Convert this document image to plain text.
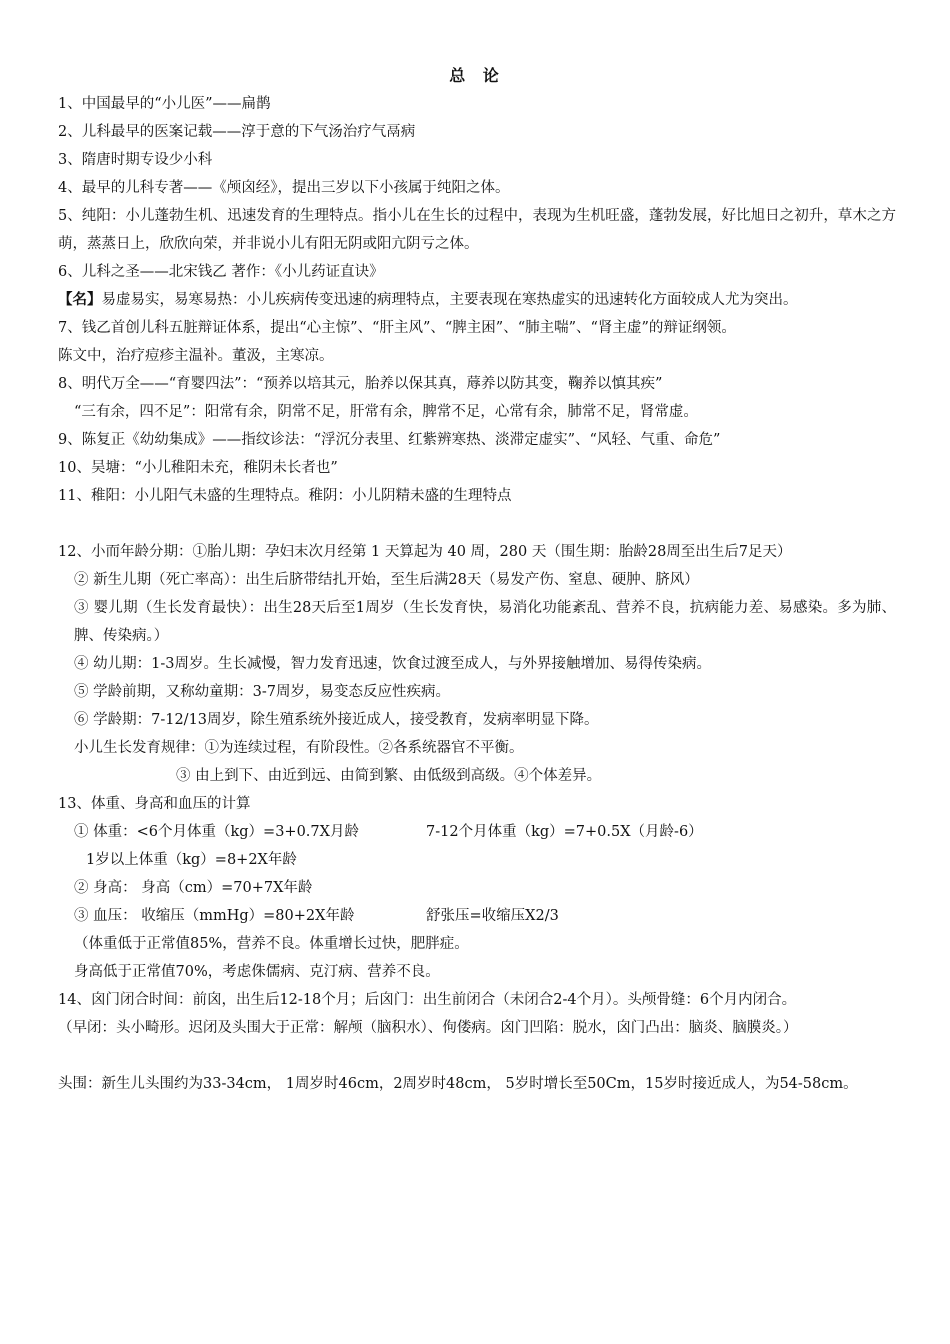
总 论
1、中国最早的“小儿医”——扁鹊
2、儿科最早的医案记载——淳于意的下气汤治疗气鬲病
3、隋唐时期专设少小科
4、最早的儿科专著——《颅囟经》，提出三岁以下小孩属于纯阳之体。
5、纯阳：小儿蓬勃生机、迅速发育的生理特点。指小儿在生长的过程中，表现为生机旺盛，蓬勃发展，好比旭日之初升，草木之方萌，蒸蒸日上，欣欣向荣，并非说小儿有阳无阴或阳亢阴亏之体。
6、儿科之圣——北宋钱乙 著作：《小儿药证直诀》
【名】易虚易实，易寒易热：小儿疾病传变迅速的病理特点，主要表现在寒热虚实的迅速转化方面较成人尤为突出。
7、钱乙首创儿科五脏辩证体系，提出“心主惊”、“肝主风”、“脾主困”、“肺主喘”、“肾主虚”的辩证纲领。
陈文中，治疗痘疹主温补。董汲，主寒凉。
8、明代万全——“育婴四法”：“预养以培其元，胎养以保其真，蓐养以防其变，鞠养以慎其疾”
“三有余，四不足”：阳常有余，阴常不足，肝常有余，脾常不足，心常有余，肺常不足，肾常虚。
9、陈复正《幼幼集成》——指纹诊法：“浮沉分表里、红紫辨寒热、淡滞定虚实”、“风轻、气重、命危”
10、吴塘：“小儿稚阳未充，稚阴未长者也”
11、稚阳：小儿阳气未盛的生理特点。稚阴：小儿阴精未盛的生理特点
12、小而年龄分期：①胎儿期：孕妇末次月经第 1 天算起为 40 周，280 天（围生期：胎龄28周至出生后7足天）
② 新生儿期（死亡率高）：出生后脐带结扎开始，至生后满28天（易发产伤、窒息、硬肿、脐风）
③ 婴儿期（生长发育最快）：出生28天后至1周岁（生长发育快，易消化功能紊乱、营养不良，抗病能力差、易感染。多为肺、脾、传染病。）
④ 幼儿期：1-3周岁。生长减慢，智力发育迅速，饮食过渡至成人，与外界接触增加、易得传染病。
⑤ 学龄前期，又称幼童期：3-7周岁，易变态反应性疾病。
⑥ 学龄期：7-12/13周岁，除生殖系统外接近成人，接受教育，发病率明显下降。
小儿生长发育规律：①为连续过程，有阶段性。②各系统器官不平衡。
③ 由上到下、由近到远、由简到繁、由低级到高级。④个体差异。
13、体重、身高和血压的计算
① 体重：<6个月体重（kg）=3+0.7X月龄	7-12个月体重（kg）=7+0.5X（月龄-6）
1岁以上体重（kg）=8+2X年龄
② 身高： 身高（cm）=70+7X年龄
③ 血压： 收缩压（mmHg）=80+2X年龄	舒张压=收缩压X2/3
（体重低于正常值85%，营养不良。体重增长过快，肥胖症。
身高低于正常值70%，考虑侏儒病、克汀病、营养不良。
14、囟门闭合时间：前囟，出生后12-18个月；后囟门：出生前闭合（未闭合2-4个月）。头颅骨缝：6个月内闭合。
（早闭：头小畸形。迟闭及头围大于正常：解颅（脑积水）、佝偻病。囟门凹陷：脱水，囟门凸出：脑炎、脑膜炎。）
头围：新生儿头围约为33-34cm， 1周岁时46cm，2周岁时48cm， 5岁时增长至50Cm，15岁时接近成人，为54-58cm。
